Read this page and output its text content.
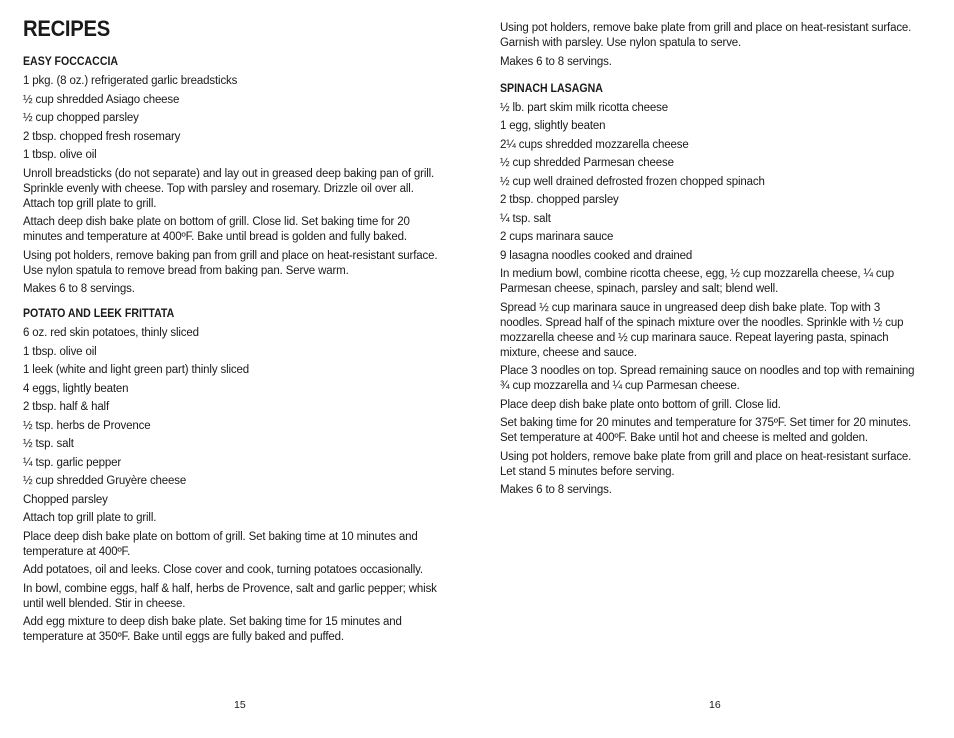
RECIPES
EASY FOCCACCIA
1 pkg. (8 oz.) refrigerated garlic breadsticks
½ cup shredded Asiago cheese
½ cup chopped parsley
2 tbsp. chopped fresh rosemary
1 tbsp. olive oil
Unroll breadsticks (do not separate) and lay out in greased deep baking pan of grill. Sprinkle evenly with cheese. Top with parsley and rosemary. Drizzle oil over all. Attach top grill plate to grill.
Attach deep dish bake plate on bottom of grill. Close lid. Set baking time for 20 minutes and temperature at 400ºF. Bake until bread is golden and fully baked.
Using pot holders, remove baking pan from grill and place on heat-resistant surface. Use nylon spatula to remove bread from baking pan. Serve warm.
Makes 6 to 8 servings.
POTATO AND LEEK FRITTATA
6 oz. red skin potatoes, thinly sliced
1 tbsp. olive oil
1 leek (white and light green part) thinly sliced
4 eggs, lightly beaten
2 tbsp. half & half
½ tsp. herbs de Provence
½ tsp. salt
¼ tsp. garlic pepper
½ cup shredded Gruyère cheese
Chopped parsley
Attach top grill plate to grill.
Place deep dish bake plate on bottom of grill. Set baking time at 10 minutes and temperature at 400ºF.
Add potatoes, oil and leeks. Close cover and cook, turning potatoes occasionally.
In bowl, combine eggs, half & half, herbs de Provence, salt and garlic pepper; whisk until well blended. Stir in cheese.
Add egg mixture to deep dish bake plate. Set baking time for 15 minutes and temperature at 350ºF. Bake until eggs are fully baked and puffed.
15
Using pot holders, remove bake plate from grill and place on heat-resistant surface. Garnish with parsley. Use nylon spatula to serve.
Makes 6 to 8 servings.
SPINACH LASAGNA
½ lb. part skim milk ricotta cheese
1 egg, slightly beaten
2¼ cups shredded mozzarella cheese
½ cup shredded Parmesan cheese
½ cup well drained defrosted frozen chopped spinach
2 tbsp. chopped parsley
¼ tsp. salt
2 cups marinara sauce
9 lasagna noodles cooked and drained
In medium bowl, combine ricotta cheese, egg, ½ cup mozzarella cheese, ¼ cup Parmesan cheese, spinach, parsley and salt; blend well.
Spread ½ cup marinara sauce in ungreased deep dish bake plate. Top with 3 noodles. Spread half of the spinach mixture over the noodles. Sprinkle with ½ cup mozzarella cheese and ½ cup marinara sauce. Repeat layering pasta, spinach mixture, cheese and sauce.
Place 3 noodles on top. Spread remaining sauce on noodles and top with remaining ¾ cup mozzarella and ¼ cup Parmesan cheese.
Place deep dish bake plate onto bottom of grill. Close lid.
Set baking time for 20 minutes and temperature for 375ºF. Set timer for 20 minutes. Set temperature at 400ºF. Bake until hot and cheese is melted and golden.
Using pot holders, remove bake plate from grill and place on heat-resistant surface. Let stand 5 minutes before serving.
Makes 6 to 8 servings.
16
